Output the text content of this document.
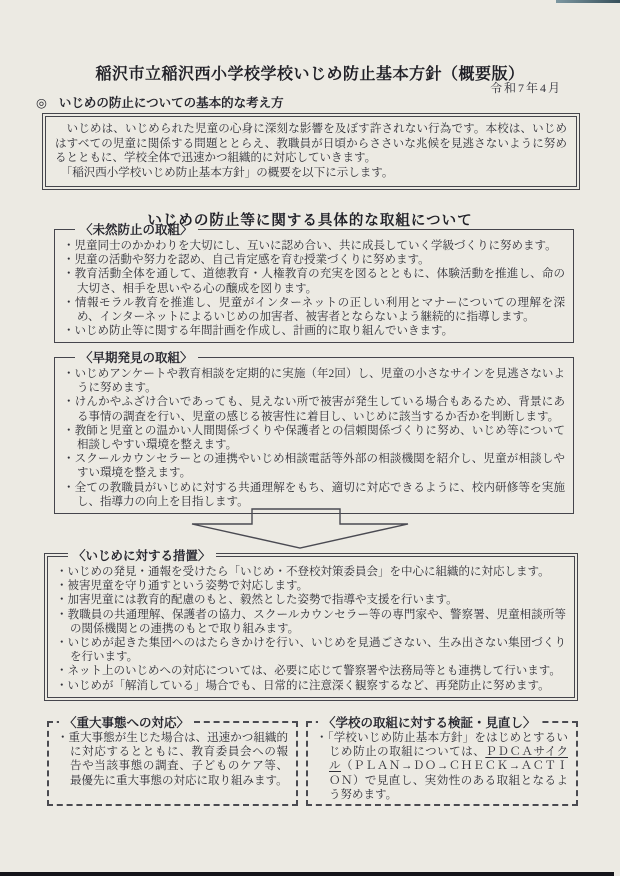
稲沢市立稲沢西小学校学校いじめ防止基本方針（概要版）
令和7年4月
◎ いじめの防止についての基本的な考え方

　いじめは、いじめられた児童の心身に深刻な影響を及ぼす許されない行為です。本校は、いじめはすべての児童に関係する問題ととらえ、教職員が日頃からささいな兆候を見逃さないように努めるとともに、学校全体で迅速かつ組織的に対応していきます。

　「稲沢西小学校いじめ防止基本方針」の概要を以下に示します。

いじめの防止等に関する具体的な取組について
〈未然防止の取組〉
・児童同士のかかわりを大切にし、互いに認め合い、共に成長していく学級づくりに努めます。
・児童の活動や努力を認め、自己肯定感を育む授業づくりに努めます。
・教育活動全体を通して、道徳教育・人権教育の充実を図るとともに、体験活動を推進し、命の大切さ、相手を思いやる心の醸成を図ります。
・情報モラル教育を推進し、児童がインターネットの正しい利用とマナーについての理解を深め、インターネットによるいじめの加害者、被害者とならないよう継続的に指導します。
・いじめ防止等に関する年間計画を作成し、計画的に取り組んでいきます。
〈早期発見の取組〉
・いじめアンケートや教育相談を定期的に実施（年2回）し、児童の小さなサインを見逃さないように努めます。
・けんかやふざけ合いであっても、見えない所で被害が発生している場合もあるため、背景にある事情の調査を行い、児童の感じる被害性に着目し、いじめに該当するか否かを判断します。
・教師と児童との温かい人間関係づくりや保護者との信頼関係づくりに努め、いじめ等について相談しやすい環境を整えます。
・スクールカウンセラーとの連携やいじめ相談電話等外部の相談機関を紹介し、児童が相談しやすい環境を整えます。
・全ての教職員がいじめに対する共通理解をもち、適切に対応できるように、校内研修等を実施し、指導力の向上を目指します。
〈いじめに対する措置〉
・いじめの発見・通報を受けたら「いじめ・不登校対策委員会」を中心に組織的に対応します。
・被害児童を守り通すという姿勢で対応します。
・加害児童には教育的配慮のもと、毅然とした姿勢で指導や支援を行います。
・教職員の共通理解、保護者の協力、スクールカウンセラー等の専門家や、警察署、児童相談所等の関係機関との連携のもとで取り組みます。
・いじめが起きた集団へのはたらきかけを行い、いじめを見過ごさない、生み出さない集団づくりを行います。
・ネット上のいじめへの対応については、必要に応じて警察署や法務局等とも連携して行います。
・いじめが「解消している」場合でも、日常的に注意深く観察するなど、再発防止に努めます。
〈重大事態への対応〉

・重大事態が生じた場合は、迅速かつ組織的に対応するとともに、教育委員会への報告や当該事態の調査、子どものケア等、最優先に重大事態の対応に取り組みます。

〈学校の取組に対する検証・見直し〉

・「学校いじめ防止基本方針」をはじめとするいじめ防止の取組については、ＰＤＣＡサイクル（ＰＬＡＮ→ＤＯ→ＣＨＥＣＫ→ＡＣＴＩＯＮ）で見直し、実効性のある取組となるよう努めます。
